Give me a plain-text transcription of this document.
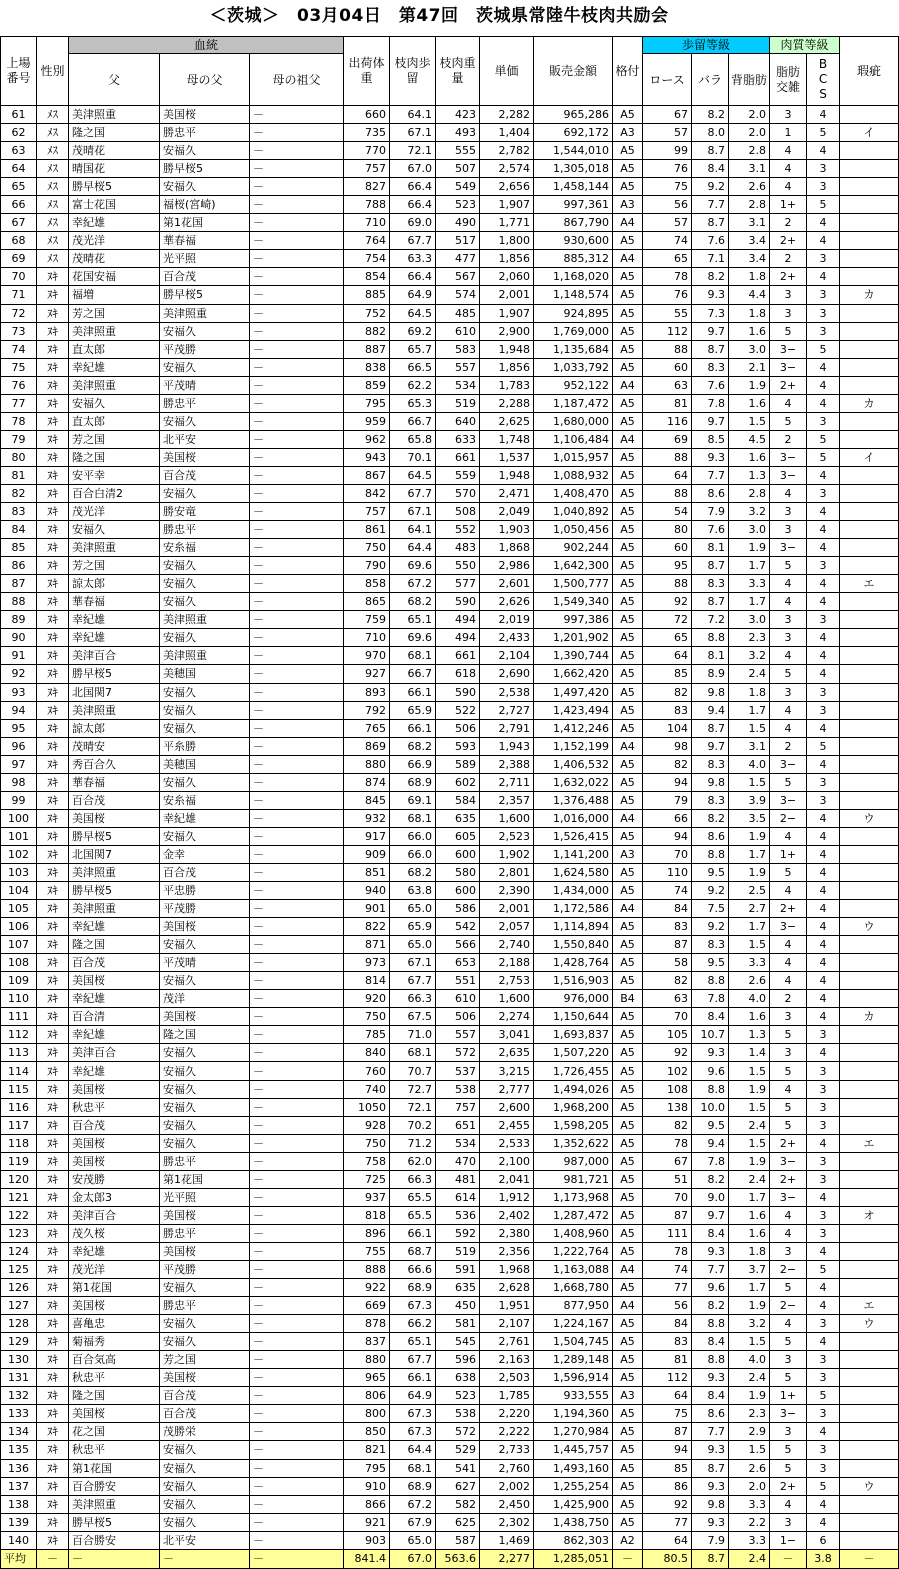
＜茨城＞　03月04日　第47回　茨城県常陸牛枝肉共励会
上場番号	性別	血統			出荷体重	枝肉歩留	枝肉重量	単価	販売金額	格付	歩留等級			肉質等級		瑕疵
		父	母の父	母の祖父							ロース	バラ	背脂肪	脂肪交雑	BCS	
61	ﾒｽ	美津照重	美国桜	－	660	64.1	423	2,282	965,286	A5	67	8.2	2.0	3	4	
62	ﾒｽ	隆之国	勝忠平	－	735	67.1	493	1,404	692,172	A3	57	8.0	2.0	1	5	イ
63	ﾒｽ	茂晴花	安福久	－	770	72.1	555	2,782	1,544,010	A5	99	8.7	2.8	4	4	
64	ﾒｽ	晴国花	勝早桜5	－	757	67.0	507	2,574	1,305,018	A5	76	8.4	3.1	4	3	
65	ﾒｽ	勝早桜5	安福久	－	827	66.4	549	2,656	1,458,144	A5	75	9.2	2.6	4	3	
66	ﾒｽ	富士花国	福桜(宮崎)	－	788	66.4	523	1,907	997,361	A3	56	7.7	2.8	1+	5	
67	ﾒｽ	幸紀雄	第1花国	－	710	69.0	490	1,771	867,790	A4	57	8.7	3.1	2	4	
68	ﾒｽ	茂光洋	華春福	－	764	67.7	517	1,800	930,600	A5	74	7.6	3.4	2+	4	
69	ﾒｽ	茂晴花	光平照	－	754	63.3	477	1,856	885,312	A4	65	7.1	3.4	2	3	
70	ﾇｷ	花国安福	百合茂	－	854	66.4	567	2,060	1,168,020	A5	78	8.2	1.8	2+	4	
71	ﾇｷ	福増	勝早桜5	－	885	64.9	574	2,001	1,148,574	A5	76	9.3	4.4	3	3	カ
72	ﾇｷ	芳之国	美津照重	－	752	64.5	485	1,907	924,895	A5	55	7.3	1.8	3	3	
73	ﾇｷ	美津照重	安福久	－	882	69.2	610	2,900	1,769,000	A5	112	9.7	1.6	5	3	
74	ﾇｷ	直太郎	平茂勝	－	887	65.7	583	1,948	1,135,684	A5	88	8.7	3.0	3−	5	
75	ﾇｷ	幸紀雄	安福久	－	838	66.5	557	1,856	1,033,792	A5	60	8.3	2.1	3−	4	
76	ﾇｷ	美津照重	平茂晴	－	859	62.2	534	1,783	952,122	A4	63	7.6	1.9	2+	4	
77	ﾇｷ	安福久	勝忠平	－	795	65.3	519	2,288	1,187,472	A5	81	7.8	1.6	4	4	カ
78	ﾇｷ	直太郎	安福久	－	959	66.7	640	2,625	1,680,000	A5	116	9.7	1.5	5	3	
79	ﾇｷ	芳之国	北平安	－	962	65.8	633	1,748	1,106,484	A4	69	8.5	4.5	2	5	
80	ﾇｷ	隆之国	美国桜	－	943	70.1	661	1,537	1,015,957	A5	88	9.3	1.6	3−	5	イ
81	ﾇｷ	安平幸	百合茂	－	867	64.5	559	1,948	1,088,932	A5	64	7.7	1.3	3−	4	
82	ﾇｷ	百合白清2	安福久	－	842	67.7	570	2,471	1,408,470	A5	88	8.6	2.8	4	3	
83	ﾇｷ	茂光洋	勝安竜	－	757	67.1	508	2,049	1,040,892	A5	54	7.9	3.2	3	4	
84	ﾇｷ	安福久	勝忠平	－	861	64.1	552	1,903	1,050,456	A5	80	7.6	3.0	3	4	
85	ﾇｷ	美津照重	安糸福	－	750	64.4	483	1,868	902,244	A5	60	8.1	1.9	3−	4	
86	ﾇｷ	芳之国	安福久	－	790	69.6	550	2,986	1,642,300	A5	95	8.7	1.7	5	3	
87	ﾇｷ	諒太郎	安福久	－	858	67.2	577	2,601	1,500,777	A5	88	8.3	3.3	4	4	エ
88	ﾇｷ	華春福	安福久	－	865	68.2	590	2,626	1,549,340	A5	92	8.7	1.7	4	4	
89	ﾇｷ	幸紀雄	美津照重	－	759	65.1	494	2,019	997,386	A5	72	7.2	3.0	3	3	
90	ﾇｷ	幸紀雄	安福久	－	710	69.6	494	2,433	1,201,902	A5	65	8.8	2.3	3	4	
91	ﾇｷ	美津百合	美津照重	－	970	68.1	661	2,104	1,390,744	A5	64	8.1	3.2	4	4	
92	ﾇｷ	勝早桜5	美穂国	－	927	66.7	618	2,690	1,662,420	A5	85	8.9	2.4	5	4	
93	ﾇｷ	北国関7	安福久	－	893	66.1	590	2,538	1,497,420	A5	82	9.8	1.8	3	3	
94	ﾇｷ	美津照重	安福久	－	792	65.9	522	2,727	1,423,494	A5	83	9.4	1.7	4	3	
95	ﾇｷ	諒太郎	安福久	－	765	66.1	506	2,791	1,412,246	A5	104	8.7	1.5	4	4	
96	ﾇｷ	茂晴安	平糸勝	－	869	68.2	593	1,943	1,152,199	A4	98	9.7	3.1	2	5	
97	ﾇｷ	秀百合久	美穂国	－	880	66.9	589	2,388	1,406,532	A5	82	8.3	4.0	3−	4	
98	ﾇｷ	華春福	安福久	－	874	68.9	602	2,711	1,632,022	A5	94	9.8	1.5	5	3	
99	ﾇｷ	百合茂	安糸福	－	845	69.1	584	2,357	1,376,488	A5	79	8.3	3.9	3−	3	
100	ﾇｷ	美国桜	幸紀雄	－	932	68.1	635	1,600	1,016,000	A4	66	8.2	3.5	2−	4	ウ
101	ﾇｷ	勝早桜5	安福久	－	917	66.0	605	2,523	1,526,415	A5	94	8.6	1.9	4	4	
102	ﾇｷ	北国関7	金幸	－	909	66.0	600	1,902	1,141,200	A3	70	8.8	1.7	1+	4	
103	ﾇｷ	美津照重	百合茂	－	851	68.2	580	2,801	1,624,580	A5	110	9.5	1.9	5	4	
104	ﾇｷ	勝早桜5	平忠勝	－	940	63.8	600	2,390	1,434,000	A5	74	9.2	2.5	4	4	
105	ﾇｷ	美津照重	平茂勝	－	901	65.0	586	2,001	1,172,586	A4	84	7.5	2.7	2+	4	
106	ﾇｷ	幸紀雄	美国桜	－	822	65.9	542	2,057	1,114,894	A5	83	9.2	1.7	3−	4	ウ
107	ﾇｷ	隆之国	安福久	－	871	65.0	566	2,740	1,550,840	A5	87	8.3	1.5	4	4	
108	ﾇｷ	百合茂	平茂晴	－	973	67.1	653	2,188	1,428,764	A5	58	9.5	3.3	4	4	
109	ﾇｷ	美国桜	安福久	－	814	67.7	551	2,753	1,516,903	A5	82	8.8	2.6	4	4	
110	ﾇｷ	幸紀雄	茂洋	－	920	66.3	610	1,600	976,000	B4	63	7.8	4.0	2	4	
111	ﾇｷ	百合清	美国桜	－	750	67.5	506	2,274	1,150,644	A5	70	8.4	1.6	3	4	カ
112	ﾇｷ	幸紀雄	隆之国	－	785	71.0	557	3,041	1,693,837	A5	105	10.7	1.3	5	3	
113	ﾇｷ	美津百合	安福久	－	840	68.1	572	2,635	1,507,220	A5	92	9.3	1.4	3	4	
114	ﾇｷ	幸紀雄	安福久	－	760	70.7	537	3,215	1,726,455	A5	102	9.6	1.5	5	3	
115	ﾇｷ	美国桜	安福久	－	740	72.7	538	2,777	1,494,026	A5	108	8.8	1.9	4	3	
116	ﾇｷ	秋忠平	安福久	－	1050	72.1	757	2,600	1,968,200	A5	138	10.0	1.5	5	3	
117	ﾇｷ	百合茂	安福久	－	928	70.2	651	2,455	1,598,205	A5	82	9.5	2.4	5	3	
118	ﾇｷ	美国桜	安福久	－	750	71.2	534	2,533	1,352,622	A5	78	9.4	1.5	2+	4	エ
119	ﾇｷ	美国桜	勝忠平	－	758	62.0	470	2,100	987,000	A5	67	7.8	1.9	3−	3	
120	ﾇｷ	安茂勝	第1花国	－	725	66.3	481	2,041	981,721	A5	51	8.2	2.4	2+	3	
121	ﾇｷ	金太郎3	光平照	－	937	65.5	614	1,912	1,173,968	A5	70	9.0	1.7	3−	4	
122	ﾇｷ	美津百合	美国桜	－	818	65.5	536	2,402	1,287,472	A5	87	9.7	1.6	4	3	オ
123	ﾇｷ	茂久桜	勝忠平	－	896	66.1	592	2,380	1,408,960	A5	111	8.4	1.6	4	3	
124	ﾇｷ	幸紀雄	美国桜	－	755	68.7	519	2,356	1,222,764	A5	78	9.3	1.8	3	4	
125	ﾇｷ	茂光洋	平茂勝	－	888	66.6	591	1,968	1,163,088	A4	74	7.7	3.7	2−	5	
126	ﾇｷ	第1花国	安福久	－	922	68.9	635	2,628	1,668,780	A5	77	9.6	1.7	5	4	
127	ﾇｷ	美国桜	勝忠平	－	669	67.3	450	1,951	877,950	A4	56	8.2	1.9	2−	4	エ
128	ﾇｷ	喜亀忠	安福久	－	878	66.2	581	2,107	1,224,167	A5	84	8.8	3.2	4	3	ウ
129	ﾇｷ	菊福秀	安福久	－	837	65.1	545	2,761	1,504,745	A5	83	8.4	1.5	5	4	
130	ﾇｷ	百合気高	芳之国	－	880	67.7	596	2,163	1,289,148	A5	81	8.8	4.0	3	3	
131	ﾇｷ	秋忠平	美国桜	－	965	66.1	638	2,503	1,596,914	A5	112	9.3	2.4	5	3	
132	ﾇｷ	隆之国	百合茂	－	806	64.9	523	1,785	933,555	A3	64	8.4	1.9	1+	5	
133	ﾇｷ	美国桜	百合茂	－	800	67.3	538	2,220	1,194,360	A5	75	8.6	2.3	3−	3	
134	ﾇｷ	花之国	茂勝栄	－	850	67.3	572	2,222	1,270,984	A5	87	7.7	2.9	3	4	
135	ﾇｷ	秋忠平	安福久	－	821	64.4	529	2,733	1,445,757	A5	94	9.3	1.5	5	3	
136	ﾇｷ	第1花国	安福久	－	795	68.1	541	2,760	1,493,160	A5	85	8.7	2.6	5	3	
137	ﾇｷ	百合勝安	安福久	－	910	68.9	627	2,002	1,255,254	A5	86	9.3	2.0	2+	5	ウ
138	ﾇｷ	美津照重	安福久	－	866	67.2	582	2,450	1,425,900	A5	92	9.8	3.3	4	4	
139	ﾇｷ	勝早桜5	安福久	－	921	67.9	625	2,302	1,438,750	A5	77	9.3	2.2	3	4	
140	ﾇｷ	百合勝安	北平安	－	903	65.0	587	1,469	862,303	A2	64	7.9	3.3	1−	6	
平均	－	－	－	－	841.4	67.0	563.6	2,277	1,285,051	－	80.5	8.7	2.4	－	3.8	－
